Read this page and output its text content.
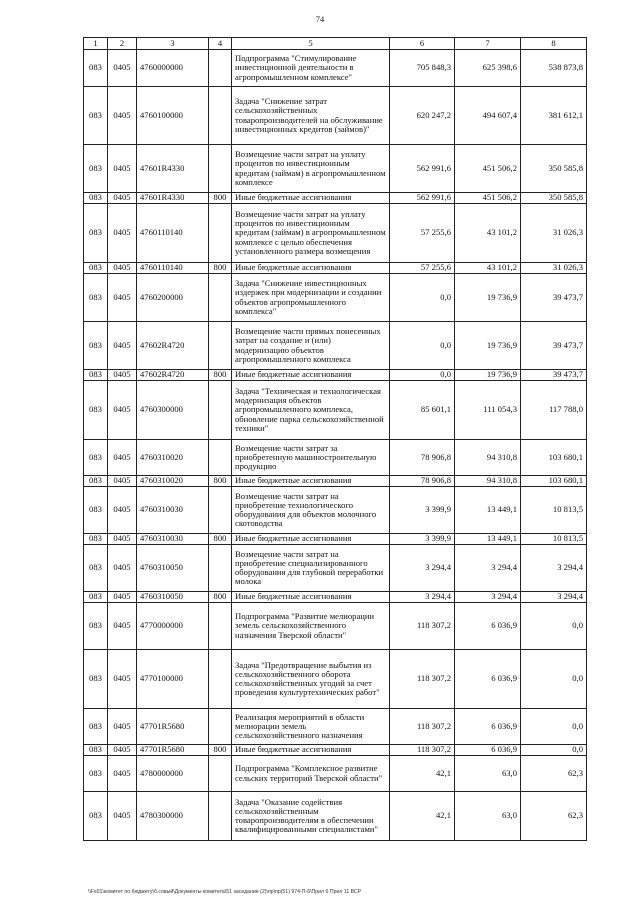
74
1	2	3	4	5	6	7	8
083	0405	4760000000		Подпрограмма "Стимулирование инвестиционной деятельности в агропромышленном комплексе"	705 848,3	625 398,6	538 873,8
083	0405	4760100000		Задача "Снижение затрат сельскохозяйственных товаропроизводителей на обслуживание инвестиционных кредитов (займов)"	620 247,2	494 607,4	381 612,1
083	0405	47601R4330		Возмещение части затрат на уплату процентов по инвестиционным кредитам (займам) в агропромышленном комплексе	562 991,6	451 506,2	350 585,8
083	0405	47601R4330	800	Иные бюджетные ассигнования	562 991,6	451 506,2	350 585,8
083	0405	4760110140		Возмещение части затрат на уплату процентов по инвестиционным кредитам (займам) в агропромышленном комплексе с целью обеспечения установленного размера возмещения	57 255,6	43 101,2	31 026,3
083	0405	4760110140	800	Иные бюджетные ассигнования	57 255,6	43 101,2	31 026,3
083	0405	4760200000		Задача "Снижение инвестиционных издержек при модернизации и создании объектов агропромышленного комплекса"	0,0	19 736,9	39 473,7
083	0405	47602R4720		Возмещение части прямых понесенных затрат на создание и (или) модернизацию объектов агропромышленного комплекса	0,0	19 736,9	39 473,7
083	0405	47602R4720	800	Иные бюджетные ассигнования	0,0	19 736,9	39 473,7
083	0405	4760300000		Задача "Техническая и технологическая модернизация объектов агропромышленного комплекса, обновление парка сельскохозяйственной техники"	85 601,1	111 054,3	117 788,0
083	0405	4760310020		Возмещение части затрат за приобретенную машиностроительную продукцию	78 906,8	94 310,8	103 680,1
083	0405	4760310020	800	Иные бюджетные ассигнования	78 906,8	94 310,8	103 680,1
083	0405	4760310030		Возмещение части затрат на приобретение технологического оборудования для объектов молочного скотоводства	3 399,9	13 449,1	10 813,5
083	0405	4760310030	800	Иные бюджетные ассигнования	3 399,9	13 449,1	10 813,5
083	0405	4760310050		Возмещение части затрат на приобретение специализированного оборудования для глубокой переработки молока	3 294,4	3 294,4	3 294,4
083	0405	4760310050	800	Иные бюджетные ассигнования	3 294,4	3 294,4	3 294,4
083	0405	4770000000		Подпрограмма "Развитие мелиорации земель сельскохозяйственного назначения Тверской области"	118 307,2	6 036,9	0,0
083	0405	4770100000		Задача "Предотвращение выбытия из сельскохозяйственного оборота сельскохозяйственных угодий за счет проведения культуртехнических работ"	118 307,2	6 036,9	0,0
083	0405	47701R5680		Реализация мероприятий в области мелиорации земель сельскохозяйственного назначения	118 307,2	6 036,9	0,0
083	0405	47701R5680	800	Иные бюджетные ассигнования	118 307,2	6 036,9	0,0
083	0405	4780000000		Подпрограмма "Комплексное развитие сельских территорий Тверской области"	42,1	63,0	62,3
083	0405	4780300000		Задача "Оказание содействия сельскохозяйственным товаропроизводителям в обеспечении квалифицированными специалистами"	42,1	63,0	62,3
\\Fs01\комитет по бюджету\б.совый\Документы комитета\51 заседание (2)\пр\пр(51) 974-П-6\Прил 6 Прил 11 ВСР
